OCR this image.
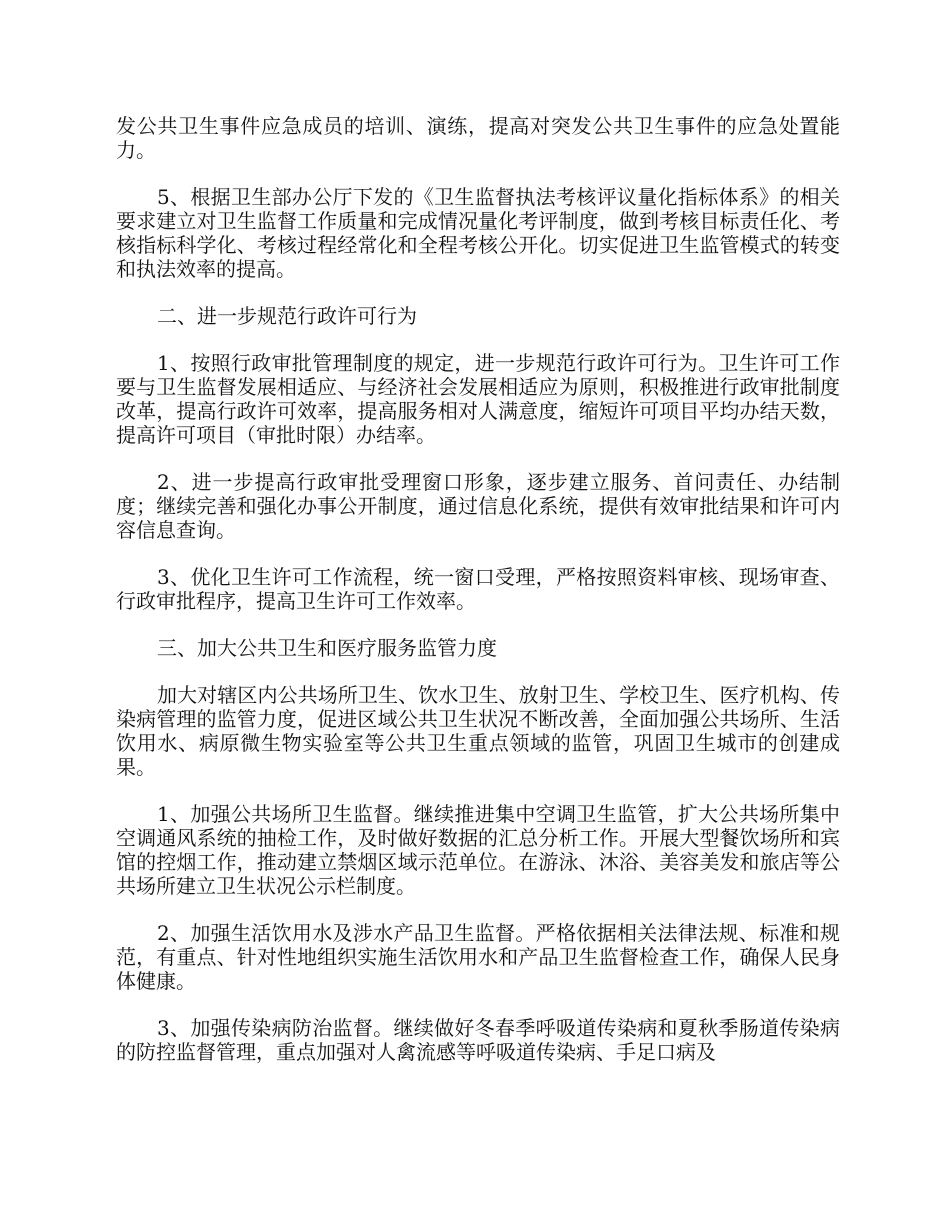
发公共卫生事件应急成员的培训、演练，提高对突发公共卫生事件的应急处置能力。

5、根据卫生部办公厅下发的《卫生监督执法考核评议量化指标体系》的相关要求建立对卫生监督工作质量和完成情况量化考评制度，做到考核目标责任化、考核指标科学化、考核过程经常化和全程考核公开化。切实促进卫生监管模式的转变和执法效率的提高。

二、进一步规范行政许可行为

1、按照行政审批管理制度的规定，进一步规范行政许可行为。卫生许可工作要与卫生监督发展相适应、与经济社会发展相适应为原则，积极推进行政审批制度改革，提高行政许可效率，提高服务相对人满意度，缩短许可项目平均办结天数，提高许可项目（审批时限）办结率。

2、进一步提高行政审批受理窗口形象，逐步建立服务、首问责任、办结制度；继续完善和强化办事公开制度，通过信息化系统，提供有效审批结果和许可内容信息查询。

3、优化卫生许可工作流程，统一窗口受理，严格按照资料审核、现场审查、行政审批程序，提高卫生许可工作效率。

三、加大公共卫生和医疗服务监管力度

加大对辖区内公共场所卫生、饮水卫生、放射卫生、学校卫生、医疗机构、传染病管理的监管力度，促进区域公共卫生状况不断改善，全面加强公共场所、生活饮用水、病原微生物实验室等公共卫生重点领域的监管，巩固卫生城市的创建成果。

1、加强公共场所卫生监督。继续推进集中空调卫生监管，扩大公共场所集中空调通风系统的抽检工作，及时做好数据的汇总分析工作。开展大型餐饮场所和宾馆的控烟工作，推动建立禁烟区域示范单位。在游泳、沐浴、美容美发和旅店等公共场所建立卫生状况公示栏制度。

2、加强生活饮用水及涉水产品卫生监督。严格依据相关法律法规、标准和规范，有重点、针对性地组织实施生活饮用水和产品卫生监督检查工作，确保人民身体健康。

3、加强传染病防治监督。继续做好冬春季呼吸道传染病和夏秋季肠道传染病的防控监督管理，重点加强对人禽流感等呼吸道传染病、手足口病及
